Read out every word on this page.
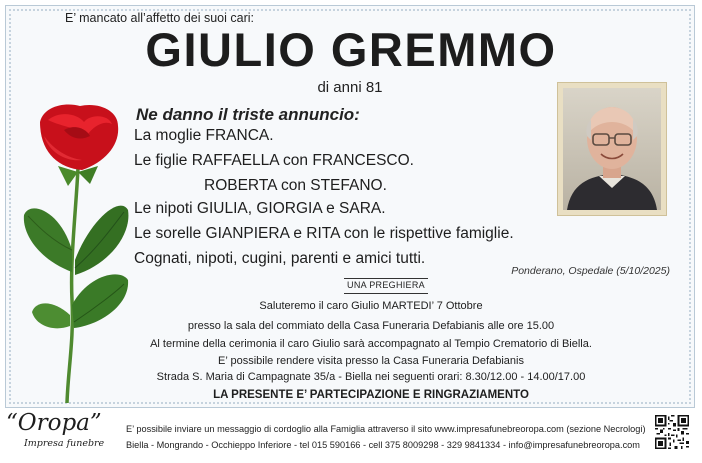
E’ mancato all’affetto dei suoi cari:
GIULIO GREMMO
di anni 81
Ne danno il triste annuncio:
La moglie FRANCA.
Le figlie RAFFAELLA con FRANCESCO.
ROBERTA con STEFANO.
Le nipoti GIULIA, GIORGIA e SARA.
Le sorelle GIANPIERA e RITA con le rispettive famiglie.
Cognati, nipoti, cugini, parenti e amici tutti.
Ponderano, Ospedale (5/10/2025)
UNA PREGHIERA
Saluteremo il caro Giulio MARTEDI’ 7 Ottobre
presso la sala del commiato della Casa Funeraria Defabianis alle ore 15.00
Al termine della cerimonia il caro Giulio sarà accompagnato al Tempio Crematorio di Biella.
E’ possibile rendere visita presso la Casa Funeraria Defabianis
Strada S. Maria di Campagnate 35/a - Biella nei seguenti orari: 8.30/12.00 - 14.00/17.00
LA PRESENTE E’ PARTECIPAZIONE E RINGRAZIAMENTO
“Oropa”
Impresa funebre
E’ possibile inviare un messaggio di cordoglio alla Famiglia attraverso il sito www.impresafunebreoropa.com (sezione Necrologi)
Biella - Mongrando - Occhieppo Inferiore - tel 015 590166 - cell 375 8009298 - 329 9841334 - info@impresafunebreoropa.com
